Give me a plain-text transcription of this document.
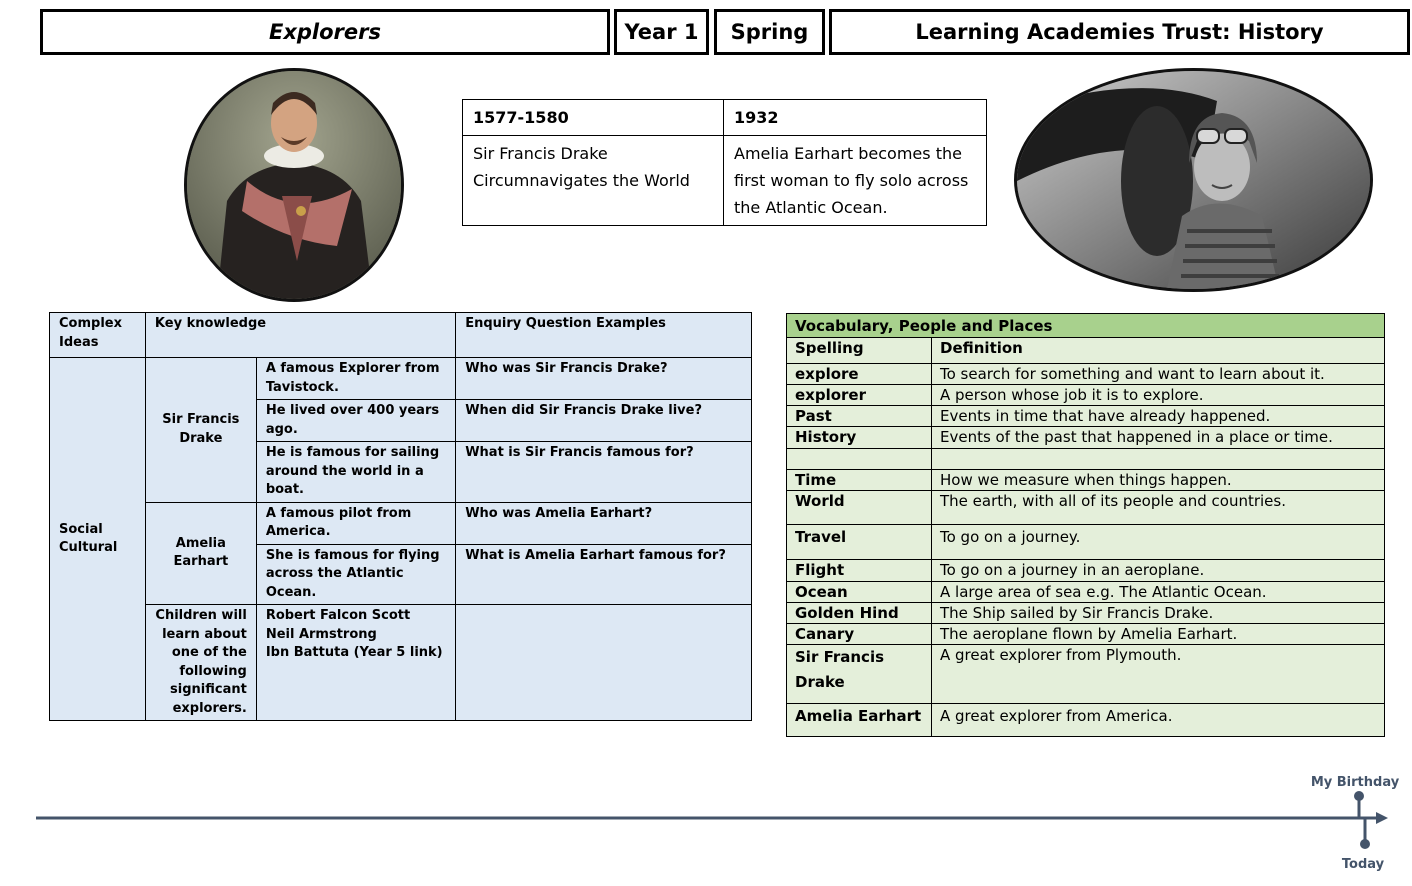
Explorers	Year 1 Spring	Learning Academies Trust: History
1577-1580	1932
Sir Francis Drake Circumnavigates the World	Amelia Earhart becomes the first woman to fly solo across the Atlantic Ocean.
Complex Ideas	Key knowledge		Enquiry Question Examples
Social Cultural	Sir Francis Drake	A famous Explorer from Tavistock.	Who was Sir Francis Drake?
		He lived over 400 years ago.	When did Sir Francis Drake live?
		He is famous for sailing around the world in a boat.	What is Sir Francis famous for?
	Amelia Earhart	A famous pilot from America.	Who was Amelia Earhart?
		She is famous for flying across the Atlantic Ocean.	What is Amelia Earhart famous for?
	Children will learn about one of the following significant explorers.	Robert Falcon Scott
Neil Armstrong
Ibn Battuta (Year 5 link)	

Vocabulary, People and Places	
Spelling	Definition
explore	To search for something and want to learn about it.
explorer	A person whose job it is to explore.
Past	Events in time that have already happened.
History	Events of the past that happened in a place or time.

Time	How we measure when things happen.
World	The earth, with all of its people and countries.
Travel	To go on a journey.
Flight	To go on a journey in an aeroplane.
Ocean	A large area of sea e.g. The Atlantic Ocean.
Golden Hind	The Ship sailed by Sir Francis Drake.
Canary	The aeroplane flown by Amelia Earhart.
Sir Francis Drake	A great explorer from Plymouth.
Amelia Earhart	A great explorer from America.
My Birthday
Today
